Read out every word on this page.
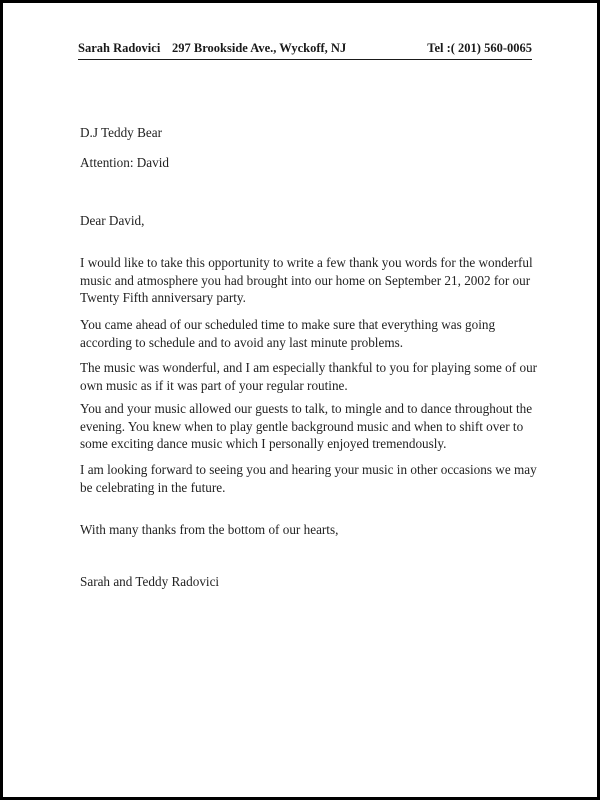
Sarah Radovici 297 Brookside Ave., Wyckoff, NJ	Tel :( 201) 560-0065
D.J Teddy Bear
Attention: David
Dear David,
I would like to take this opportunity to write a few thank you words for the wonderful music and atmosphere you had brought into our home on September 21, 2002 for our Twenty Fifth anniversary party.
You came ahead of our scheduled time to make sure that everything was going according to schedule and to avoid any last minute problems.
The music was wonderful, and I am especially thankful to you for playing some of our own music as if it was part of your regular routine.
You and your music allowed our guests to talk, to mingle and to dance throughout the evening. You knew when to play gentle background music and when to shift over to some exciting dance music which I personally enjoyed tremendously.
I am looking forward to seeing you and hearing your music in other occasions we may be celebrating in the future.
With many thanks from the bottom of our hearts,
Sarah and Teddy Radovici
